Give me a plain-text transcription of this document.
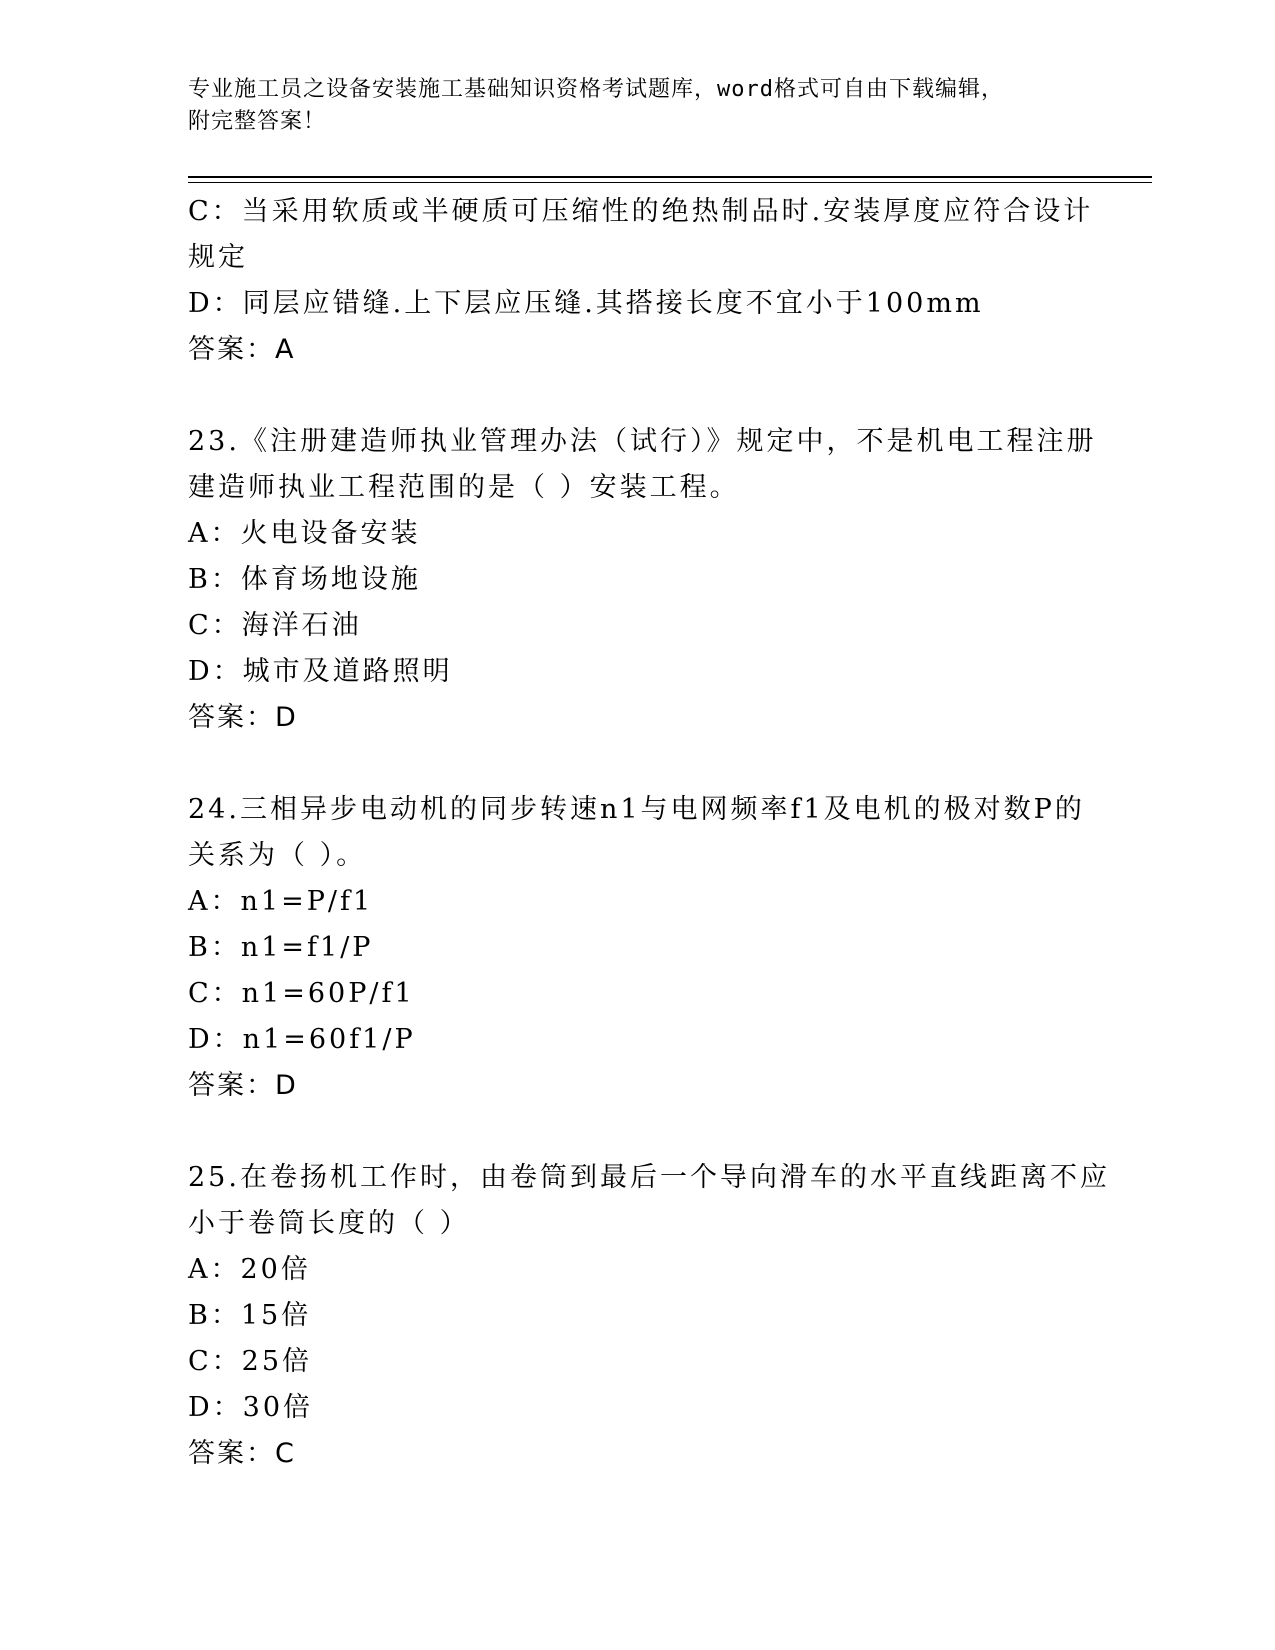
专业施工员之设备安装施工基础知识资格考试题库，word格式可自由下载编辑，
附完整答案！
C：当采用软质或半硬质可压缩性的绝热制品时.安装厚度应符合设计
规定
D：同层应错缝.上下层应压缝.其搭接长度不宜小于100mm
答案：A
23.《注册建造师执业管理办法（试行）》规定中，不是机电工程注册
建造师执业工程范围的是（ ）安装工程。
A：火电设备安装
B：体育场地设施
C：海洋石油
D：城市及道路照明
答案：D
24.三相异步电动机的同步转速n1与电网频率f1及电机的极对数P的
关系为（ ）。
A：n1=P/f1
B：n1=f1/P
C：n1=60P/f1
D：n1=60f1/P
答案：D
25.在卷扬机工作时，由卷筒到最后一个导向滑车的水平直线距离不应
小于卷筒长度的（ ）
A：20倍
B：15倍
C：25倍
D：30倍
答案：C
